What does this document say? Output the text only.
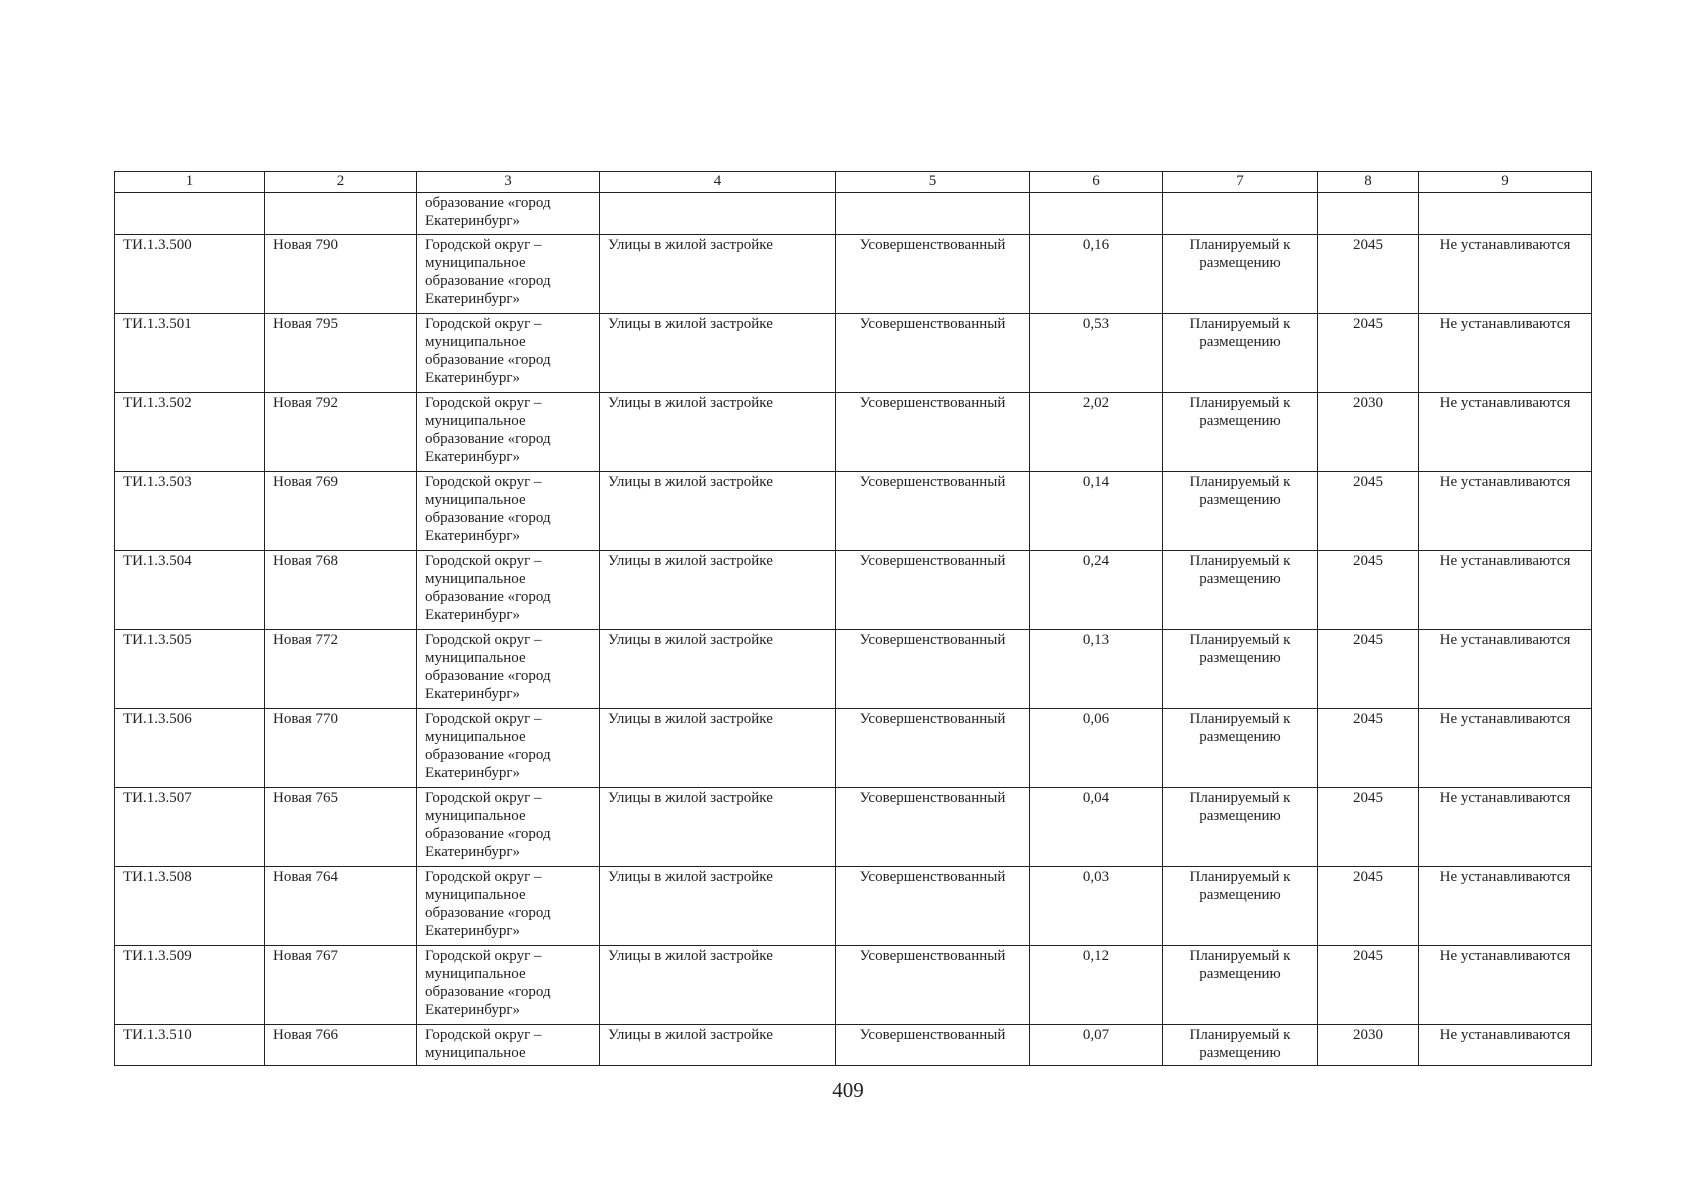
1	2	3	4	5	6	7	8	9
		образование «город Екатеринбург»						
ТИ.1.3.500	Новая 790	Городской округ – муниципальное образование «город Екатеринбург»	Улицы в жилой застройке	Усовершенствованный	0,16	Планируемый к размещению	2045	Не устанавливаются
ТИ.1.3.501	Новая 795	Городской округ – муниципальное образование «город Екатеринбург»	Улицы в жилой застройке	Усовершенствованный	0,53	Планируемый к размещению	2045	Не устанавливаются
ТИ.1.3.502	Новая 792	Городской округ – муниципальное образование «город Екатеринбург»	Улицы в жилой застройке	Усовершенствованный	2,02	Планируемый к размещению	2030	Не устанавливаются
ТИ.1.3.503	Новая 769	Городской округ – муниципальное образование «город Екатеринбург»	Улицы в жилой застройке	Усовершенствованный	0,14	Планируемый к размещению	2045	Не устанавливаются
ТИ.1.3.504	Новая 768	Городской округ – муниципальное образование «город Екатеринбург»	Улицы в жилой застройке	Усовершенствованный	0,24	Планируемый к размещению	2045	Не устанавливаются
ТИ.1.3.505	Новая 772	Городской округ – муниципальное образование «город Екатеринбург»	Улицы в жилой застройке	Усовершенствованный	0,13	Планируемый к размещению	2045	Не устанавливаются
ТИ.1.3.506	Новая 770	Городской округ – муниципальное образование «город Екатеринбург»	Улицы в жилой застройке	Усовершенствованный	0,06	Планируемый к размещению	2045	Не устанавливаются
ТИ.1.3.507	Новая 765	Городской округ – муниципальное образование «город Екатеринбург»	Улицы в жилой застройке	Усовершенствованный	0,04	Планируемый к размещению	2045	Не устанавливаются
ТИ.1.3.508	Новая 764	Городской округ – муниципальное образование «город Екатеринбург»	Улицы в жилой застройке	Усовершенствованный	0,03	Планируемый к размещению	2045	Не устанавливаются
ТИ.1.3.509	Новая 767	Городской округ – муниципальное образование «город Екатеринбург»	Улицы в жилой застройке	Усовершенствованный	0,12	Планируемый к размещению	2045	Не устанавливаются
ТИ.1.3.510	Новая 766	Городской округ – муниципальное	Улицы в жилой застройке	Усовершенствованный	0,07	Планируемый к размещению	2030	Не устанавливаются
409
